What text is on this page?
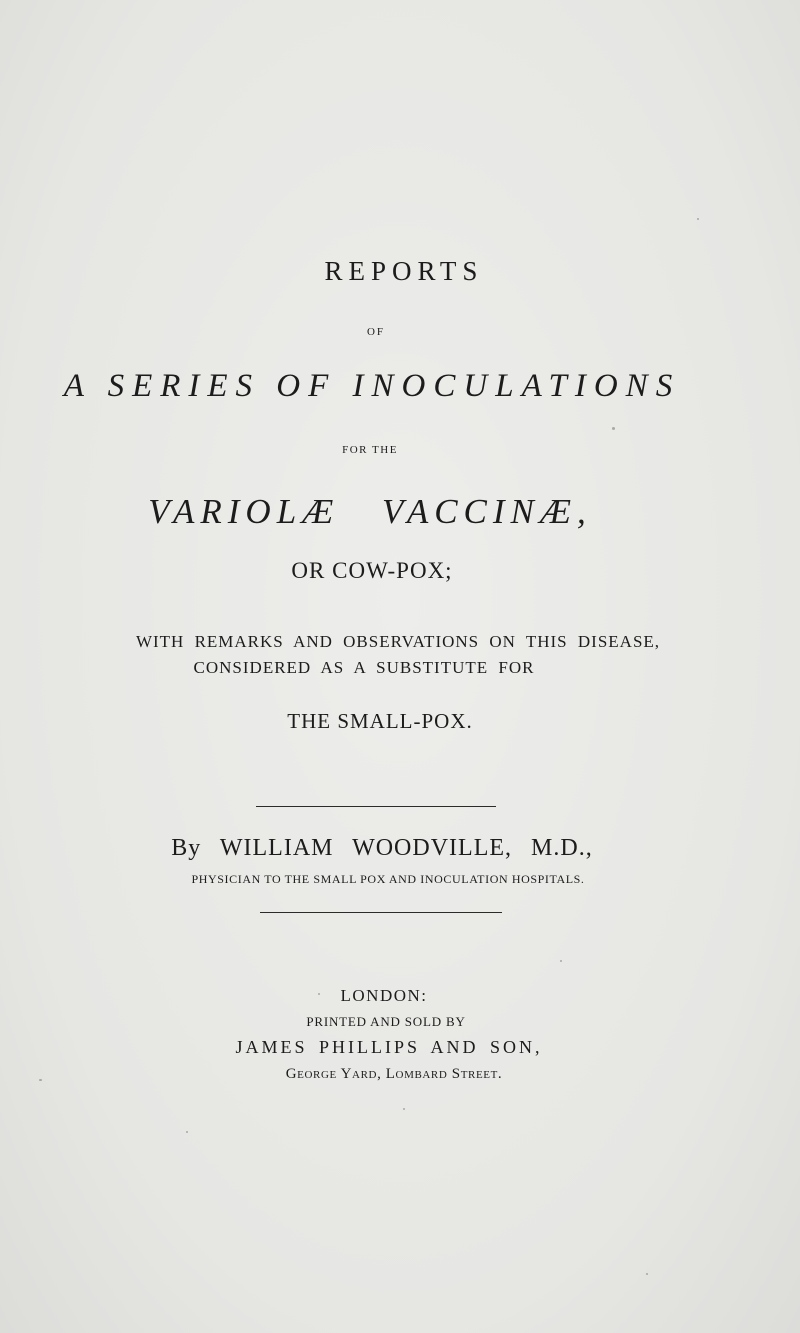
REPORTS
OF
A SERIES OF INOCULATIONS
FOR THE
VARIOLÆ VACCINÆ,
OR COW-POX;
WITH REMARKS AND OBSERVATIONS ON THIS DISEASE,
CONSIDERED AS A SUBSTITUTE FOR
THE SMALL-POX.
By WILLIAM WOODVILLE, M.D.,
PHYSICIAN TO THE SMALL POX AND INOCULATION HOSPITALS.
LONDON:
PRINTED AND SOLD BY
JAMES PHILLIPS AND SON,
George Yard, Lombard Street.
